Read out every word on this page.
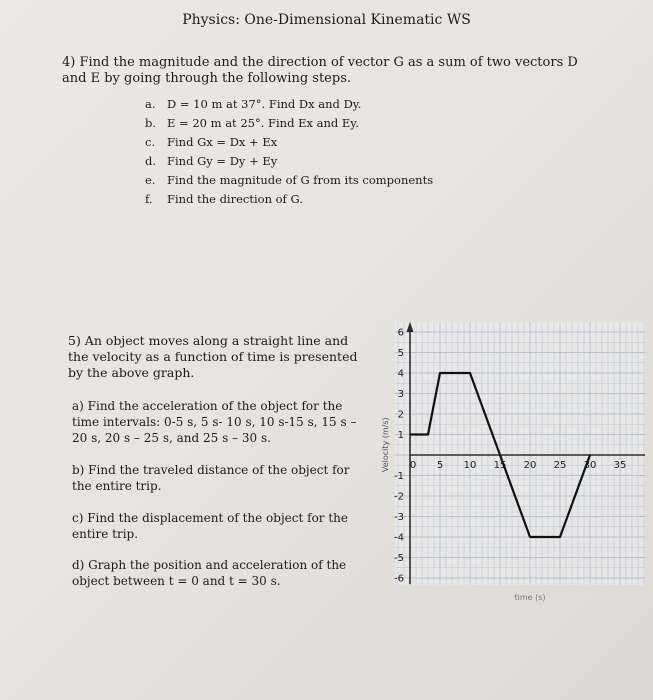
Physics: One-Dimensional Kinematic WS
4) Find the magnitude and the direction of vector G as a sum of two vectors D and E by going through the following steps.
a. D = 10 m at 37°. Find Dx and Dy.
b. E = 20 m at 25°. Find Ex and Ey.
c.	Find Gx = Dx + Ex
d. Find Gy = Dy + Ey
e.	Find the magnitude of G from its components
f.	Find the direction of G.

5) An object moves along a straight line and the velocity as a function of time is presented by the above graph.

a) Find the acceleration of the object for the time intervals: 0-5 s, 5 s- 10 s, 10 s-15 s, 15 s – 20 s, 20 s – 25 s, and 25 s – 30 s.
b) Find the traveled distance of the object for the entire trip.
c) Find the displacement of the object for the entire trip.
d) Graph the position and acceleration of the object between t = 0 and t = 30 s.
6
5
4
3
2
1
-1
-2
-3
-4
-5
-6
0 5 10 15 20 25 30 35
Velocity (m/s)
time (s)
